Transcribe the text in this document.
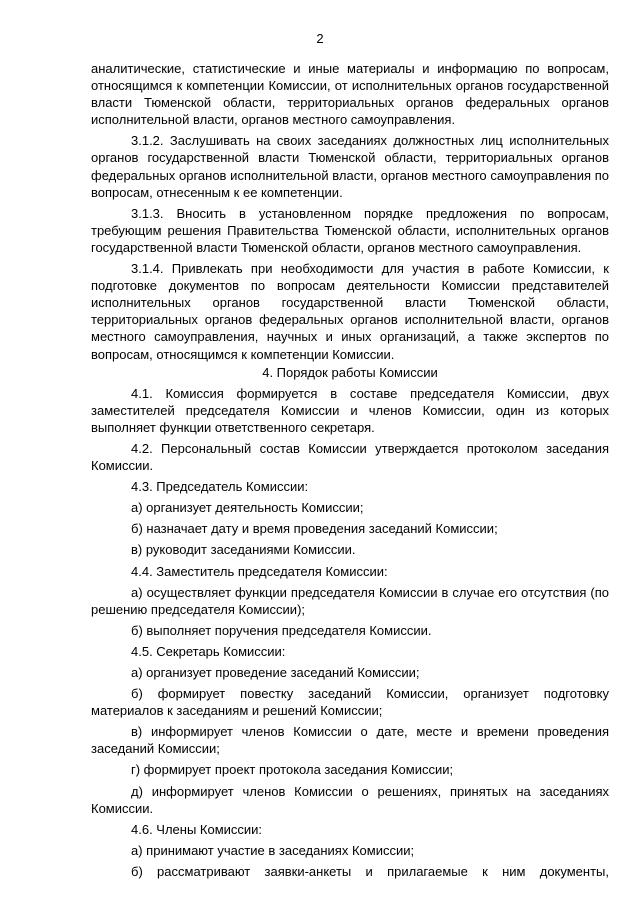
2

аналитические, статистические и иные материалы и информацию по вопросам, относящимся к компетенции Комиссии, от исполнительных органов государственной власти Тюменской области, территориальных органов федеральных органов исполнительной власти, органов местного самоуправления.

3.1.2. Заслушивать на своих заседаниях должностных лиц исполнительных органов государственной власти Тюменской области, территориальных органов федеральных органов исполнительной власти, органов местного самоуправления по вопросам, отнесенным к ее компетенции.

3.1.3. Вносить в установленном порядке предложения по вопросам, требующим решения Правительства Тюменской области, исполнительных органов государственной власти Тюменской области, органов местного самоуправления.

3.1.4. Привлекать при необходимости для участия в работе Комиссии, к подготовке документов по вопросам деятельности Комиссии представителей исполнительных органов государственной власти Тюменской области, территориальных органов федеральных органов исполнительной власти, органов местного самоуправления, научных и иных организаций, а также экспертов по вопросам, относящимся к компетенции Комиссии.

4. Порядок работы Комиссии

4.1. Комиссия формируется в составе председателя Комиссии, двух заместителей председателя Комиссии и членов Комиссии, один из которых выполняет функции ответственного секретаря.

4.2. Персональный состав Комиссии утверждается протоколом заседания Комиссии.

4.3. Председатель Комиссии:

а) организует деятельность Комиссии;

б) назначает дату и время проведения заседаний Комиссии;

в) руководит заседаниями Комиссии.

4.4. Заместитель председателя Комиссии:

а) осуществляет функции председателя Комиссии в случае его отсутствия (по решению председателя Комиссии);

б) выполняет поручения председателя Комиссии.

4.5. Секретарь Комиссии:

а) организует проведение заседаний Комиссии;

б) формирует повестку заседаний Комиссии, организует подготовку материалов к заседаниям и решений Комиссии;

в) информирует членов Комиссии о дате, месте и времени проведения заседаний Комиссии;

г) формирует проект протокола заседания Комиссии;

д) информирует членов Комиссии о решениях, принятых на заседаниях Комиссии.

4.6. Члены Комиссии:

а) принимают участие в заседаниях Комиссии;

б) рассматривают заявки-анкеты и прилагаемые к ним документы,
